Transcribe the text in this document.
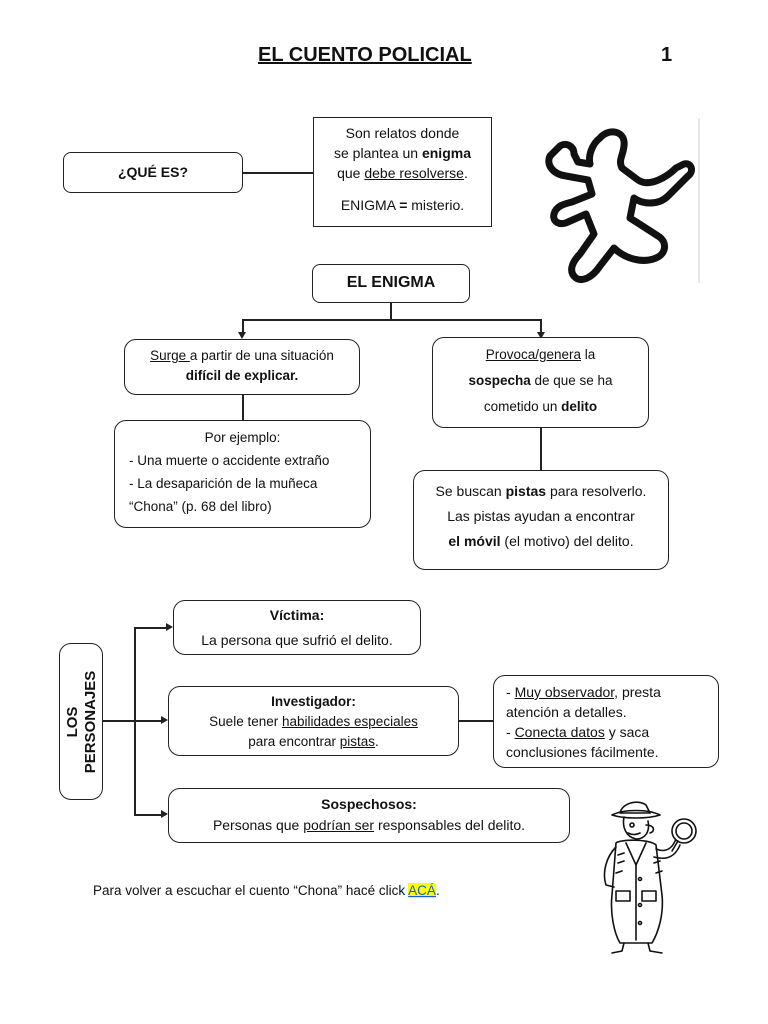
EL CUENTO POLICIAL	1
¿QUÉ ES?
Son relatos donde
se plantea un enigma
que debe resolverse.
ENIGMA = misterio.
EL ENIGMA
Surge a partir de una situación
difícil de explicar.
Por ejemplo:
- Una muerte o accidente extraño
- La desaparición de la muñeca
“Chona” (p. 68 del libro)
Provoca/genera la
sospecha de que se ha
cometido un delito
Se buscan pistas para resolverlo.
Las pistas ayudan a encontrar
el móvil (el motivo) del delito.
LOS PERSONAJES
Víctima:
La persona que sufrió el delito.
Investigador:
Suele tener habilidades especiales
para encontrar pistas.
- Muy observador, presta
atención a detalles.
- Conecta datos y saca
conclusiones fácilmente.
Sospechosos:
Personas que podrían ser responsables del delito.
Para volver a escuchar el cuento “Chona” hacé click ACÁ.
